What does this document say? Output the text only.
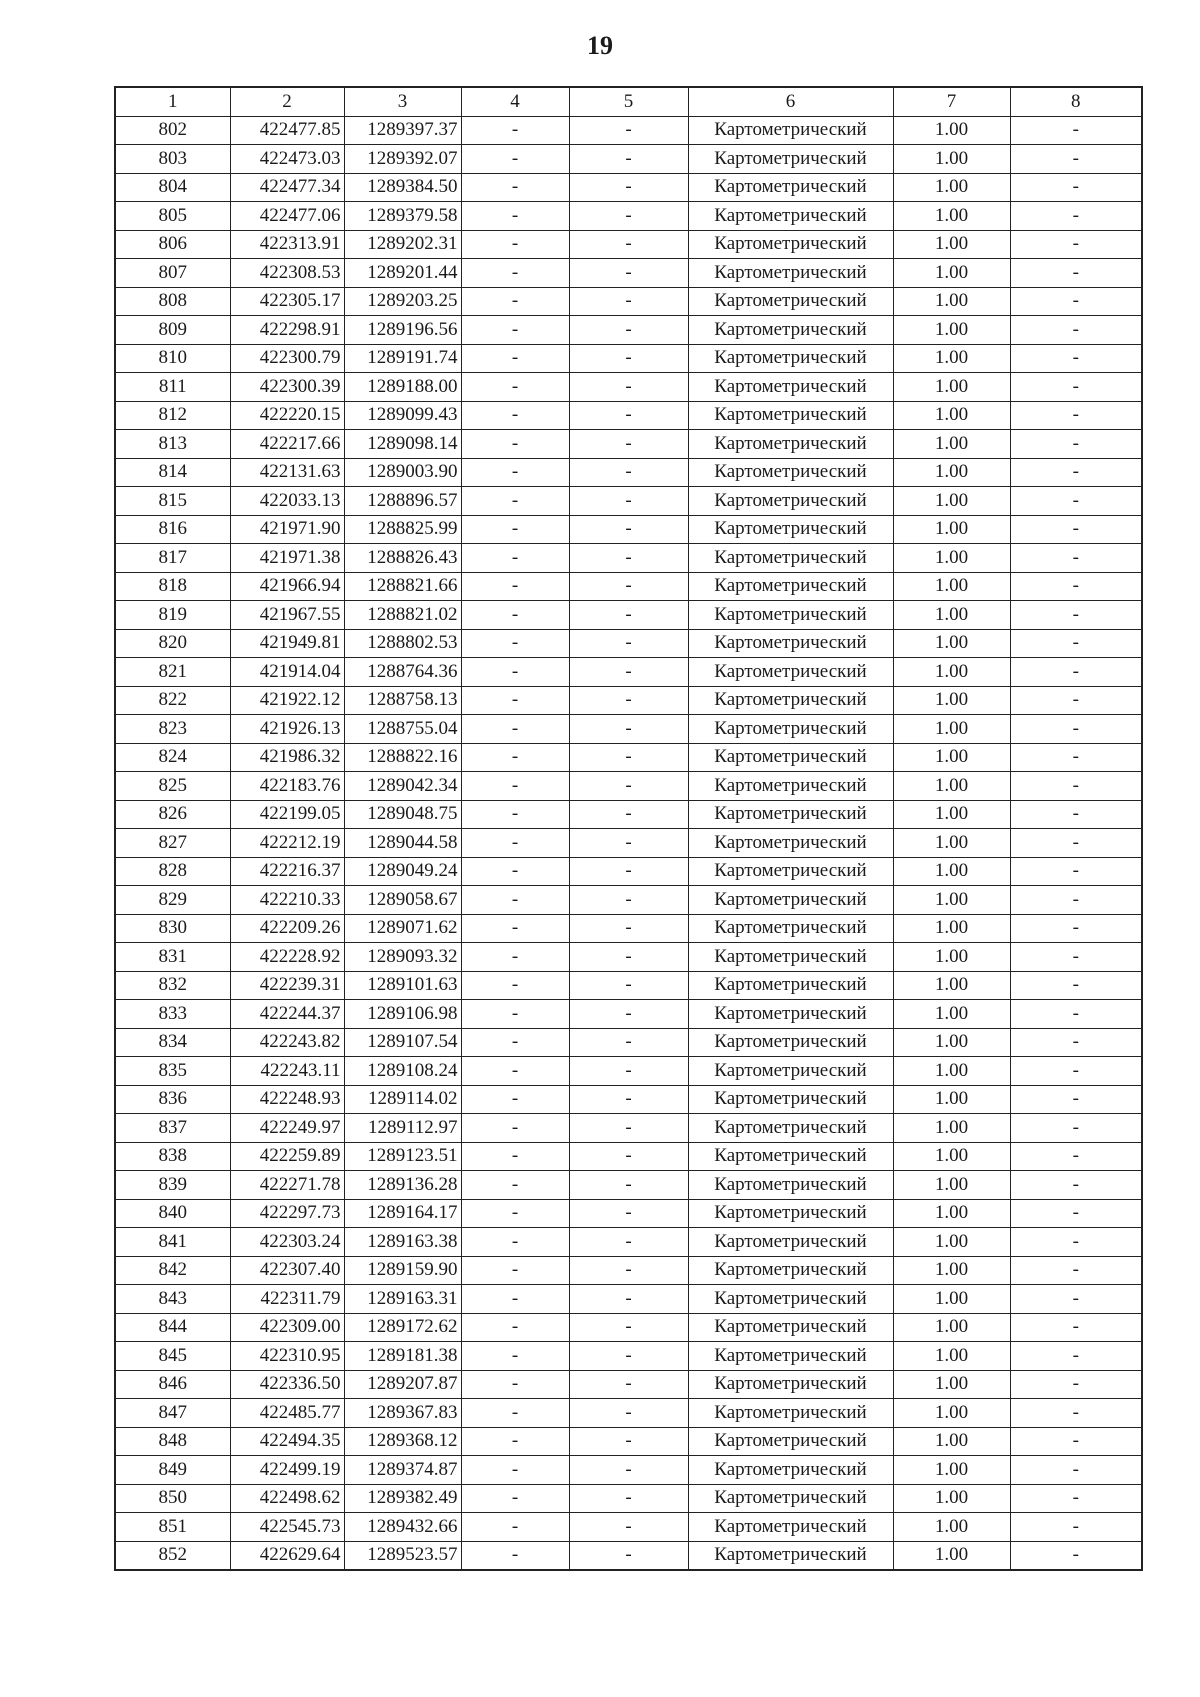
19
1	2	3	4	5	6	7	8
802	422477.85	1289397.37	-	-	Картометрический	1.00	-
803	422473.03	1289392.07	-	-	Картометрический	1.00	-
804	422477.34	1289384.50	-	-	Картометрический	1.00	-
805	422477.06	1289379.58	-	-	Картометрический	1.00	-
806	422313.91	1289202.31	-	-	Картометрический	1.00	-
807	422308.53	1289201.44	-	-	Картометрический	1.00	-
808	422305.17	1289203.25	-	-	Картометрический	1.00	-
809	422298.91	1289196.56	-	-	Картометрический	1.00	-
810	422300.79	1289191.74	-	-	Картометрический	1.00	-
811	422300.39	1289188.00	-	-	Картометрический	1.00	-
812	422220.15	1289099.43	-	-	Картометрический	1.00	-
813	422217.66	1289098.14	-	-	Картометрический	1.00	-
814	422131.63	1289003.90	-	-	Картометрический	1.00	-
815	422033.13	1288896.57	-	-	Картометрический	1.00	-
816	421971.90	1288825.99	-	-	Картометрический	1.00	-
817	421971.38	1288826.43	-	-	Картометрический	1.00	-
818	421966.94	1288821.66	-	-	Картометрический	1.00	-
819	421967.55	1288821.02	-	-	Картометрический	1.00	-
820	421949.81	1288802.53	-	-	Картометрический	1.00	-
821	421914.04	1288764.36	-	-	Картометрический	1.00	-
822	421922.12	1288758.13	-	-	Картометрический	1.00	-
823	421926.13	1288755.04	-	-	Картометрический	1.00	-
824	421986.32	1288822.16	-	-	Картометрический	1.00	-
825	422183.76	1289042.34	-	-	Картометрический	1.00	-
826	422199.05	1289048.75	-	-	Картометрический	1.00	-
827	422212.19	1289044.58	-	-	Картометрический	1.00	-
828	422216.37	1289049.24	-	-	Картометрический	1.00	-
829	422210.33	1289058.67	-	-	Картометрический	1.00	-
830	422209.26	1289071.62	-	-	Картометрический	1.00	-
831	422228.92	1289093.32	-	-	Картометрический	1.00	-
832	422239.31	1289101.63	-	-	Картометрический	1.00	-
833	422244.37	1289106.98	-	-	Картометрический	1.00	-
834	422243.82	1289107.54	-	-	Картометрический	1.00	-
835	422243.11	1289108.24	-	-	Картометрический	1.00	-
836	422248.93	1289114.02	-	-	Картометрический	1.00	-
837	422249.97	1289112.97	-	-	Картометрический	1.00	-
838	422259.89	1289123.51	-	-	Картометрический	1.00	-
839	422271.78	1289136.28	-	-	Картометрический	1.00	-
840	422297.73	1289164.17	-	-	Картометрический	1.00	-
841	422303.24	1289163.38	-	-	Картометрический	1.00	-
842	422307.40	1289159.90	-	-	Картометрический	1.00	-
843	422311.79	1289163.31	-	-	Картометрический	1.00	-
844	422309.00	1289172.62	-	-	Картометрический	1.00	-
845	422310.95	1289181.38	-	-	Картометрический	1.00	-
846	422336.50	1289207.87	-	-	Картометрический	1.00	-
847	422485.77	1289367.83	-	-	Картометрический	1.00	-
848	422494.35	1289368.12	-	-	Картометрический	1.00	-
849	422499.19	1289374.87	-	-	Картометрический	1.00	-
850	422498.62	1289382.49	-	-	Картометрический	1.00	-
851	422545.73	1289432.66	-	-	Картометрический	1.00	-
852	422629.64	1289523.57	-	-	Картометрический	1.00	-
